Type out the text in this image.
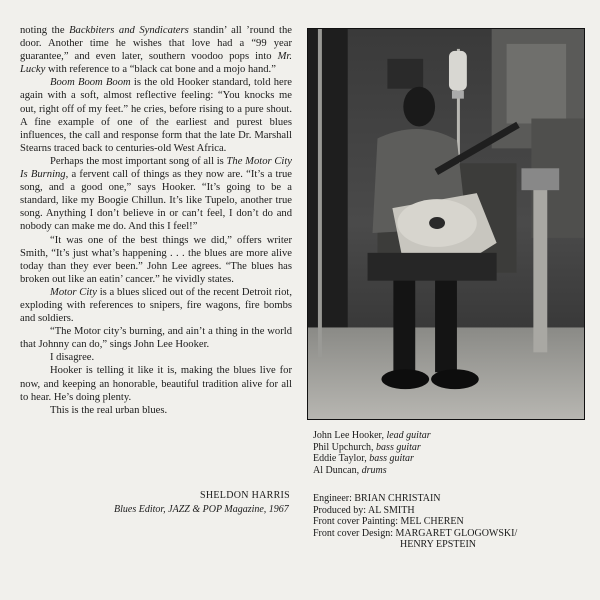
noting the Backbiters and Syndicaters standin’ all ’round the door. Another time he wishes that love had a “99 year guarantee,” and even later, southern voodoo pops into Mr. Lucky with reference to a “black cat bone and a mojo hand.”

Boom Boom Boom is the old Hooker standard, told here again with a soft, almost reflective feeling: “You knocks me out, right off of my feet.” he cries, before rising to a pure shout. A fine example of one of the earliest and purest blues influences, the call and response form that the late Dr. Marshall Stearns traced back to centuries-old West Africa.

Perhaps the most important song of all is The Motor City Is Burning, a fervent call of things as they now are. “It’s a true song, and a good one,” says Hooker. “It’s going to be a standard, like my Boogie Chillun. It’s like Tupelo, another true song. Anything I don’t believe in or can’t feel, I don’t do and nobody can make me do. And this I feel!”

“It was one of the best things we did,” offers writer Smith, “It’s just what’s happening . . . the blues are more alive today than they ever been.” John Lee agrees. “The blues has broken out like an eatin’ cancer.” he vividly states.

Motor City is a blues sliced out of the recent Detroit riot, exploding with references to snipers, fire wagons, fire bombs and soldiers.

“The Motor city’s burning, and ain’t a thing in the world that Johnny can do,” sings John Lee Hooker.

I disagree.

Hooker is telling it like it is, making the blues live for now, and keeping an honorable, beautiful tradition alive for all to hear. He’s doing plenty.

This is the real urban blues.

SHELDON HARRIS
Blues Editor, JAZZ & POP Magazine, 1967
John Lee Hooker, lead guitar
Phil Upchurch, bass guitar
Eddie Taylor, bass guitar
Al Duncan, drums
Engineer: BRIAN CHRISTAIN
Produced by: AL SMITH
Front cover Painting: MEL CHEREN
Front cover Design: MARGARET GLOGOWSKI/
HENRY EPSTEIN
